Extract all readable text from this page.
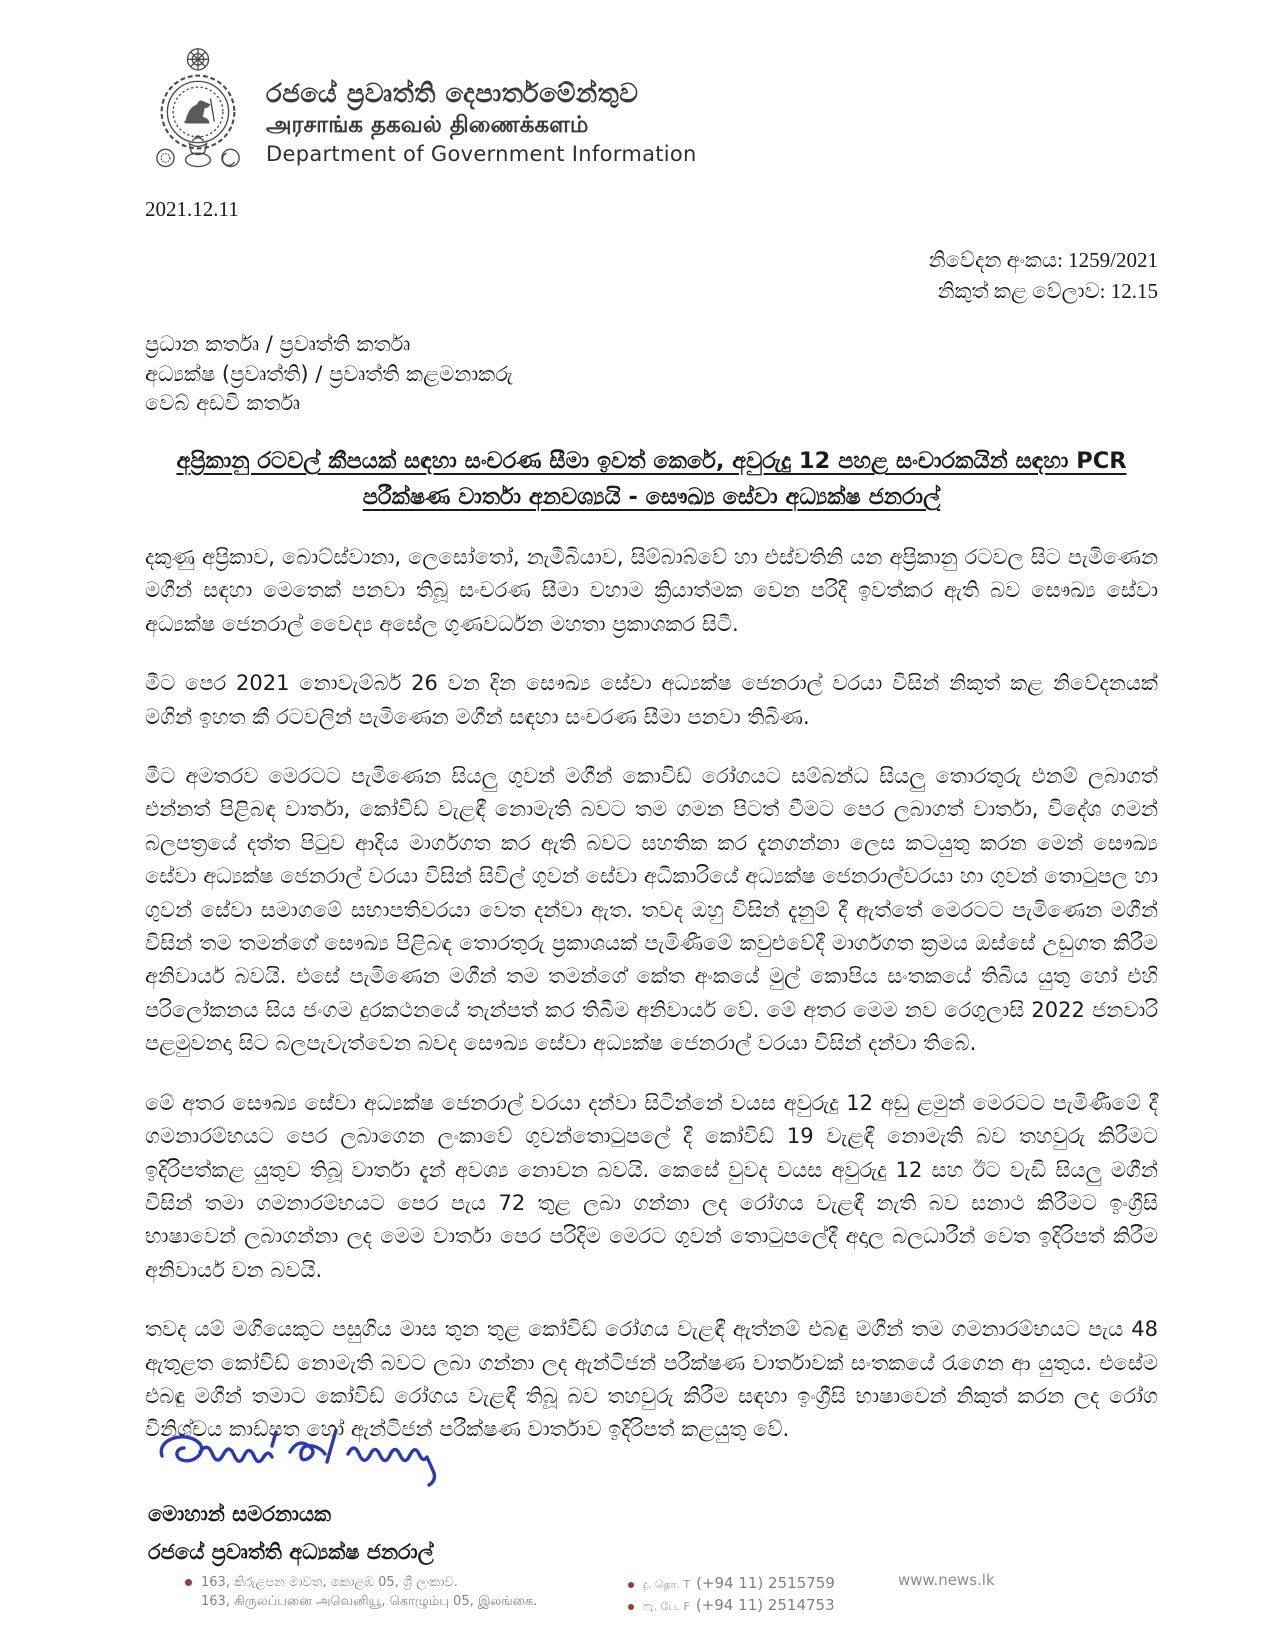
රජයේ ප්‍රවෘත්ති දෙපාර්තමේන්තුව
அரசாங்க தகவல் திணைக்களம்
Department of Government Information
2021.12.11
නිවේදන අංකය: 1259/2021
නිකුත් කළ වේලාව: 12.15
ප්‍රධාන කර්තෘ / ප්‍රවෘත්ති කර්තෘ
අධ්‍යක්ෂ (ප්‍රවෘත්ති) / ප්‍රවෘත්ති කළමනාකරු
වෙබ් අඩවි කර්තෘ
අප්‍රිකානු රටවල් කීපයක් සඳහා සංචරණ සීමා ඉවත් කෙරේ, අවුරුදු 12 පහළ සංචාරකයින් සඳහා PCR
පරීක්ෂණ වාර්තා අනවශ්‍යයි - සෞඛ්‍ය සේවා අධ්‍යක්ෂ ජනරාල්

දකුණු අප්‍රිකාව, බොට්ස්වානා, ලෙසෝතෝ, නැමීබියාව, සිම්බාබ්වේ හා එස්වතිනි යන අප්‍රිකානු රටවල සිට පැමිණෙන මගීන් සඳහා මෙතෙක් පනවා තිබූ සංචරණ සීමා වහාම ක්‍රියාත්මක වෙන පරිදි ඉවත්කර ඇති බව සෞඛ්‍ය සේවා අධ්‍යක්ෂ ජෙනරාල් වෛද්‍ය අසේල ගුණවර්ධන මහතා ප්‍රකාශකර සිටී.

මීට පෙර 2021 නොවැම්බර් 26 වන දින සෞඛ්‍ය සේවා අධ්‍යක්ෂ ජෙනරාල් වරයා විසින් නිකුත් කළ නිවේදනයක් මගින් ඉහත කී රටවලින් පැමිණෙන මගීන් සඳහා සංචරණ සීමා පනවා තිබිණ.

මීට අමතරව මෙරටට පැමිණෙන සියලු ගුවන් මගීන් කොවිඩ් රෝගයට සම්බන්ධ සියලු තොරතුරු එනම් ලබාගත් එන්නත් පිළිබඳ වාර්තා, කෝවිඩ් වැළඳී නොමැති බවට තම ගමන පිටත් වීමට පෙර ලබාගත් වාර්තා, විදේශ ගමන් බලපත්‍රයේ දත්ත පිටුව ආදිය මාර්ගගත කර ඇති බවට සහතික කර දැනගන්නා ලෙස කටයුතු කරන මෙන් සෞඛ්‍ය සේවා අධ්‍යක්ෂ ජෙනරාල් වරයා විසින් සිවිල් ගුවන් සේවා අධිකාරියේ අධ්‍යක්ෂ ජෙනරාල්වරයා හා ගුවන් තොටුපල හා ගුවන් සේවා සමාගමේ සභාපතිවරයා වෙත දන්වා ඇත. තවද ඔහු විසින් දැනුම් දී ඇත්තේ මෙරටට පැමිණෙන මගීන් විසින් තම තමන්ගේ සෞඛ්‍ය පිළිබඳ තොරතුරු ප්‍රකාශයක් පැමිණීමේ කවුළුවේදී මාර්ගගත ක්‍රමය ඔස්සේ උඩුගත කිරීම අනිවාර්ය බවයි. එසේ පැමිණෙන මගීන් තම තමන්ගේ කේත අංකයේ මුල් කොපිය සංතකයේ තිබිය යුතු හෝ එහි පරිලෝකනය සිය ජංගම දුරකථනයේ තැන්පත් කර තිබීම අනිවාර්ය වේ. මේ අතර මෙම නව රෙගුලාසි 2022 ජනවාරි පළමුවනදා සිට බලපැවැත්වෙන බවද සෞඛ්‍ය සේවා අධ්‍යක්ෂ ජෙනරාල් වරයා විසින් දන්වා තිබේ.

මේ අතර සෞඛ්‍ය සේවා අධ්‍යක්ෂ ජෙනරාල් වරයා දන්වා සිටින්නේ වයස අවුරුදු 12 අඩු ළමුන් මෙරටට පැමිණීමේ දී ගමනාරම්භයට පෙර ලබාගෙන ලංකාවේ ගුවන්තොටුපලේ දී කෝවිඩ් 19 වැළඳී නොමැති බව තහවුරු කිරීමට ඉදිරිපත්කළ යුතුව තිබූ වාර්තා දැන් අවශ්‍ය නොවන බවයි. කෙසේ වුවද වයස අවුරුදු 12 සහ ඊට වැඩි සියලු මගීන් විසින් තමා ගමනාරම්භයට පෙර පැය 72 තුළ ලබා ගන්නා ලද රෝගය වැළඳී නැති බව සනාථ කිරීමට ඉංග්‍රීසි භාෂාවෙන් ලබාගන්නා ලද මෙම වාර්තා පෙර පරිදිම මෙරට ගුවන් තොටුපලේදී අදාල බලධාරීන් වෙත ඉදිරිපත් කිරීම අනිවාර්ය වන බවයි.

තවද යම් මගියෙකුට පසුගිය මාස තුන තුළ කෝවිඩ් රෝගය වැළඳී ඇත්නම් එබඳු මගීන් තම ගමනාරම්භයට පැය 48 ඇතුළත කෝවිඩ් නොමැති බවට ලබා ගන්නා ලද ඇන්ටිජන් පරීක්ෂණ වාර්තාවක් සංතකයේ රැගෙන ආ යුතුය. එසේම එබඳු මගීන් තමාට කෝවිඩ් රෝගය වැළඳී තිබූ බව තහවුරු කිරීම සඳහා ඉංග්‍රීසි භාෂාවෙන් නිකුත් කරන ලද රෝග විනිශ්චය කාඩ්පත හෝ ඇන්ටිජන් පරීක්ෂණ වාර්තාව ඉදිරිපත් කළයුතු වේ.

මොහාන් සමරනායක
රජයේ ප්‍රවෘත්ති අධ්‍යක්ෂ ජනරාල්
163, කිරුළපන මාවත, කොළඹ 05, ශ්‍රී ලංකාව.
163, கிருலப்பனை அவெனியூ, கொழும்பு 05, இலங்கை.
දු. தொ. T (+94 11) 2515759
ෆැ. பே. F (+94 11) 2514753
www.news.lk
